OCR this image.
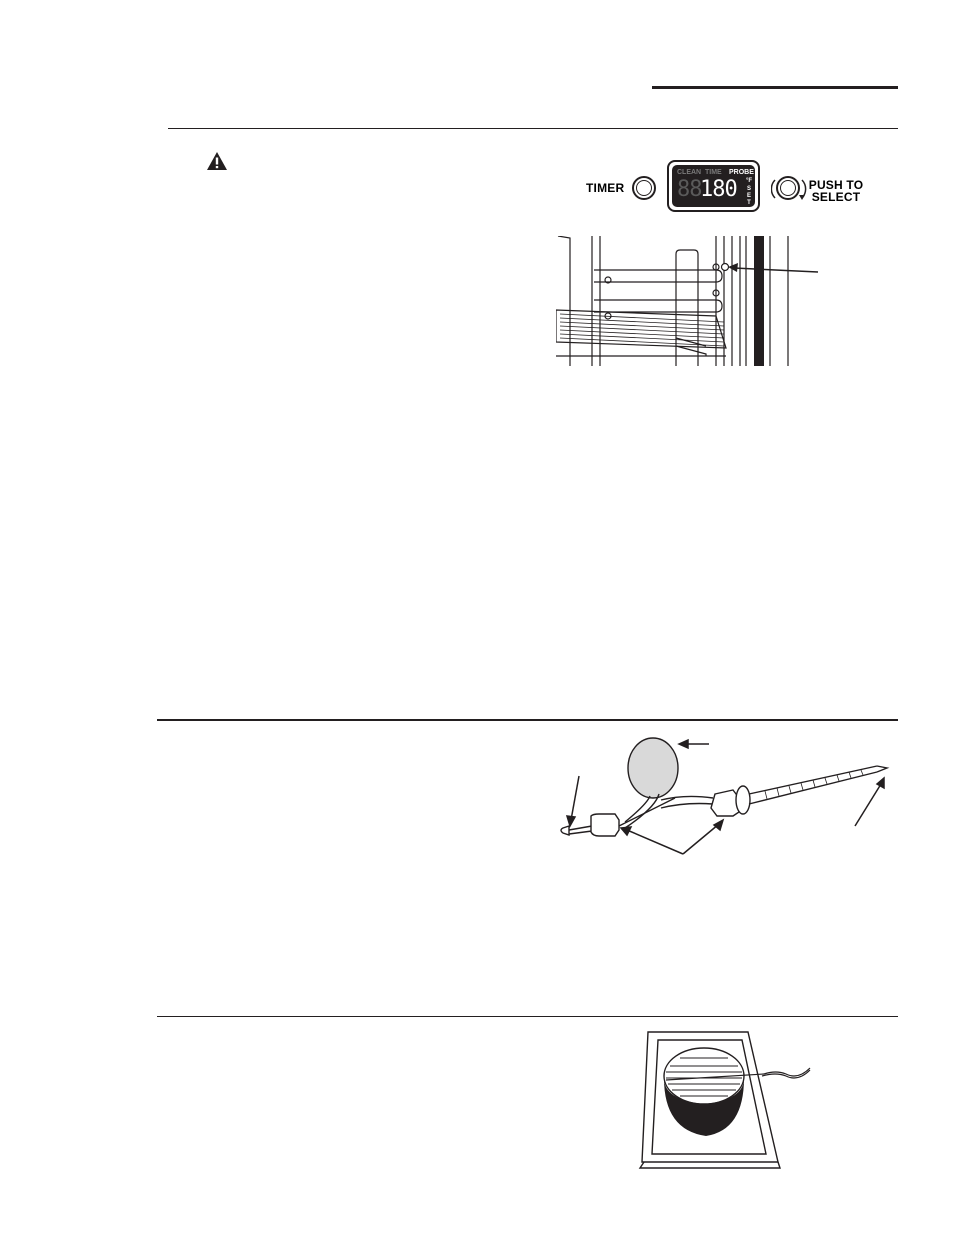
TIMER
CLEAN TIME PROBE
88
180	°F
SET
PUSH TO
SELECT
